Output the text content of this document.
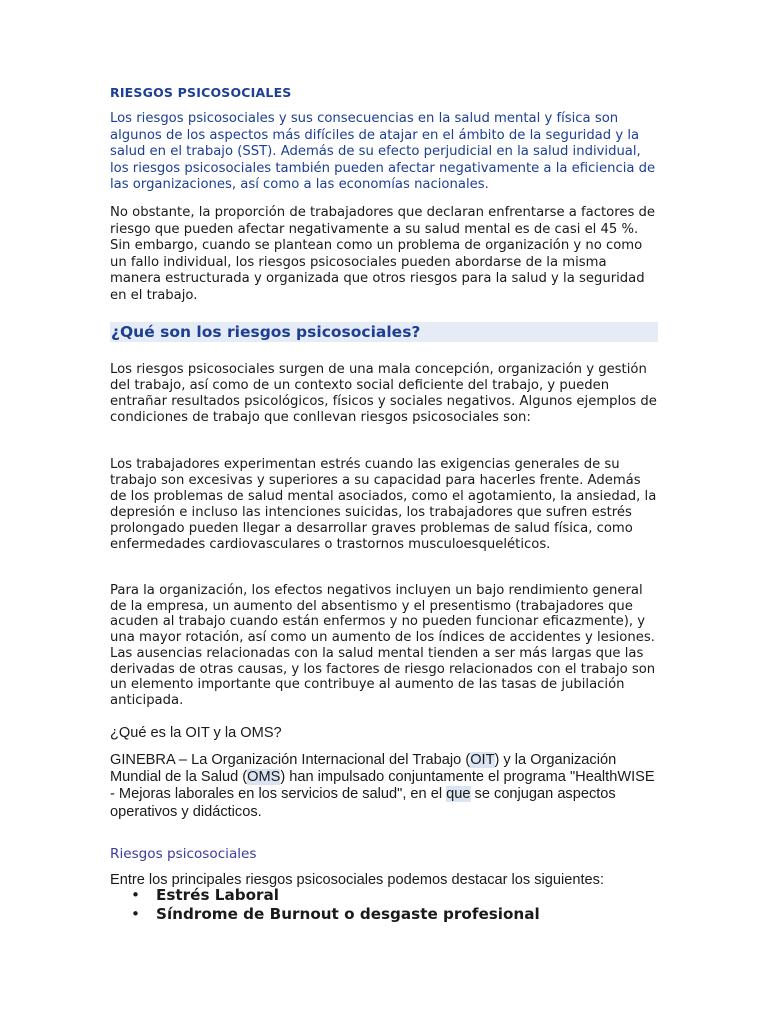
RIESGOS PSICOSOCIALES

Los riesgos psicosociales y sus consecuencias en la salud mental y física son algunos de los aspectos más difíciles de atajar en el ámbito de la seguridad y la salud en el trabajo (SST). Además de su efecto perjudicial en la salud individual, los riesgos psicosociales también pueden afectar negativamente a la eficiencia de las organizaciones, así como a las economías nacionales.

No obstante, la proporción de trabajadores que declaran enfrentarse a factores de riesgo que pueden afectar negativamente a su salud mental es de casi el 45 %. Sin embargo, cuando se plantean como un problema de organización y no como un fallo individual, los riesgos psicosociales pueden abordarse de la misma manera estructurada y organizada que otros riesgos para la salud y la seguridad en el trabajo.

¿Qué son los riesgos psicosociales?

Los riesgos psicosociales surgen de una mala concepción, organización y gestión del trabajo, así como de un contexto social deficiente del trabajo, y pueden entrañar resultados psicológicos, físicos y sociales negativos. Algunos ejemplos de condiciones de trabajo que conllevan riesgos psicosociales son:

Los trabajadores experimentan estrés cuando las exigencias generales de su trabajo son excesivas y superiores a su capacidad para hacerles frente. Además de los problemas de salud mental asociados, como el agotamiento, la ansiedad, la depresión e incluso las intenciones suicidas, los trabajadores que sufren estrés prolongado pueden llegar a desarrollar graves problemas de salud física, como enfermedades cardiovasculares o trastornos musculoesqueléticos.

Para la organización, los efectos negativos incluyen un bajo rendimiento general de la empresa, un aumento del absentismo y el presentismo (trabajadores que acuden al trabajo cuando están enfermos y no pueden funcionar eficazmente), y una mayor rotación, así como un aumento de los índices de accidentes y lesiones. Las ausencias relacionadas con la salud mental tienden a ser más largas que las derivadas de otras causas, y los factores de riesgo relacionados con el trabajo son un elemento importante que contribuye al aumento de las tasas de jubilación anticipada.

¿Qué es la OIT y la OMS?

GINEBRA – La Organización Internacional del Trabajo (OIT) y la Organización Mundial de la Salud (OMS) han impulsado conjuntamente el programa "HealthWISE - Mejoras laborales en los servicios de salud", en el que se conjugan aspectos operativos y didácticos.

Riesgos psicosociales

Entre los principales riesgos psicosociales podemos destacar los siguientes:

• Estrés Laboral
• Síndrome de Burnout o desgaste profesional
